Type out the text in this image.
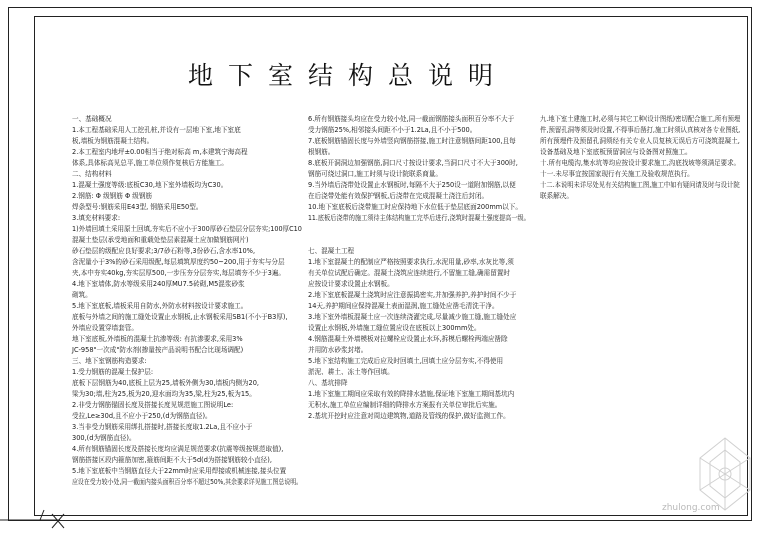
地下室结构总说明
一、基础概况
1.本工程基础采用人工挖孔桩,并设有一层地下室,地下室底
板,墙板为钢筋混凝土结构。
2.本工程室内地坪±0.00相当于绝对标高 m,本建筑宁海高程
体系,具体标高见总平,施工单位须作复核后方能施工。
二、结构材料
1.混凝土强度等级:底板C30,地下室外墙板均为C30。
2.钢筋: Φ 级钢筋 Φ 级钢筋
焊条型号:钢筋采用E43型, 钢筋采用E50型。
3.填充材料要求:
1)外墙回填土采用原土回填,夯实后不应小于300厚砂石垫层分层夯实;100厚C10
混凝土垫层(承受地面和重载处垫层素混凝土应加做钢筋网片)
砂石垫层的级配应良好要求;3/7砂石粉等,3份砂石,含水率10%,
含泥量小于3%的砂石采用级配,每层填筑厚度约50~200,用于夯实与分层
夹,本中夯实40kg,夯实层厚500,一步压夯分层夯实,每层填夯不少于3遍。
4.地下室墙体,防水等级采用240厚MU7.5砖砌,M5混浆砂浆
砌筑。
5.地下室底板,墙板采用自防水,外防水材料按设计要求施工。
底板与外墙之间的施工缝处设置止水钢板,止水钢板采用SB1(不小于B3厚),
外墙应设置穿墙套管。
地下室底板,外墙板的混凝土抗渗等级: 有抗渗要求,采用3%
JC-958"一次成"防水剂(掺量按产品说明书配合比现场调配)
三、地下室钢筋构造要求:
1.受力钢筋的混凝土保护层:
底板下层钢筋为40,底板上层为25,墙板外侧为30,墙板内侧为20,
梁为30;墙,柱为25,板为20,迎水面均为35,梁,柱为25,板为15。
2.非受力钢筋锚固长度及搭接长度见规范施工图说明Le:
受拉,Le≥30d,且不应小于250,(d为钢筋直径)。
3.当非受力钢筋采用绑扎搭接时,搭接长度取1.2La,且不应小于
300,(d为钢筋直径)。
4.所有钢筋锚固长度及搭接长度均应满足规范要求(抗震等级按规范取值),
钢筋搭接区段内箍筋加密,箍筋间距不大于5d(d为搭接钢筋较小直径),
5.地下室底板中当钢筋直径大于22mm时应采用焊接或机械连接,接头位置
应设在受力较小处,同一截面内接头面积百分率不超过50%,其余要求详见施工图总说明。
6.所有钢筋接头均应在受力较小处,同一截面钢筋接头面积百分率不大于
受力钢筋25%,相邻接头间距不小于1.2La,且不小于500。
7.底板钢筋锚固长度与外墙竖向钢筋搭接,施工时注意钢筋间距100,且每
根钢筋。
8.底板开洞洞边加强钢筋,洞口尺寸按设计要求,当洞口尺寸不大于300时,
钢筋可绕过洞口,施工时须与设计院联系商量。
9.当外墙后浇带处设置止水钢板时,每隔不大于250设一道附加钢筋,以便
在后浇带处能有效保护钢板,后浇带在完成混凝土浇注后封闭。
10.地下室底板后浇带施工时应保持地下水位低于垫层底面200mm以下。
11.底板后浇带的施工须待主体结构施工完毕后进行,浇筑时混凝土强度提高一级。
七、混凝土工程
1.地下室混凝土的配制应严格按照要求执行,水泥用量,砂率,水灰比等,须
有关单位试配后确定。混凝土浇筑应连续进行,不留施工缝,确需留置时
应按设计要求设置止水钢板。
2.地下室底板混凝土浇筑时应注意振捣密实,并加强养护,养护时间不少于
14天,养护期间应保持混凝土表面湿润,施工缝处应凿毛清洗干净。
3.地下室外墙板混凝土应一次连续浇灌完成,尽量减少施工缝,施工缝处应
设置止水钢板,外墙施工缝位置应设在底板以上300mm处。
4.钢筋混凝土外墙模板对拉螺栓应设置止水环,拆模后螺栓两端应凿除
并用防水砂浆封堵。
5.地下室结构施工完成后应及时回填土,回填土应分层夯实,不得使用
淤泥、耕土、冻土等作回填。
八、基坑排降
1.地下室施工期间应采取有效的降排水措施,保证地下室施工期间基坑内
无积水,施工单位应编制详细的降排水方案报有关单位审批后实施。
2.基坑开挖时应注意对周边建筑物,道路及管线的保护,做好监测工作。
九.地下室土建施工时,必须与其它工种(设计图纸)密切配合施工,所有预埋
件,预留孔洞等须及时设置,不得事后凿打,施工时须认真核对各专业图纸,
所有预埋件及预留孔洞须经有关专业人员复核无误后方可浇筑混凝土,
设备基础及地下室底板预留洞应与设备图对照施工。
十.所有电缆沟,集水坑等均应按设计要求施工,沟底找坡等须满足要求。
十一.未尽事宜按国家现行有关施工及验收规范执行。
十二.本说明未详尽处见有关结构施工图,施工中如有疑问请及时与设计院
联系解决。
zhulong.com
